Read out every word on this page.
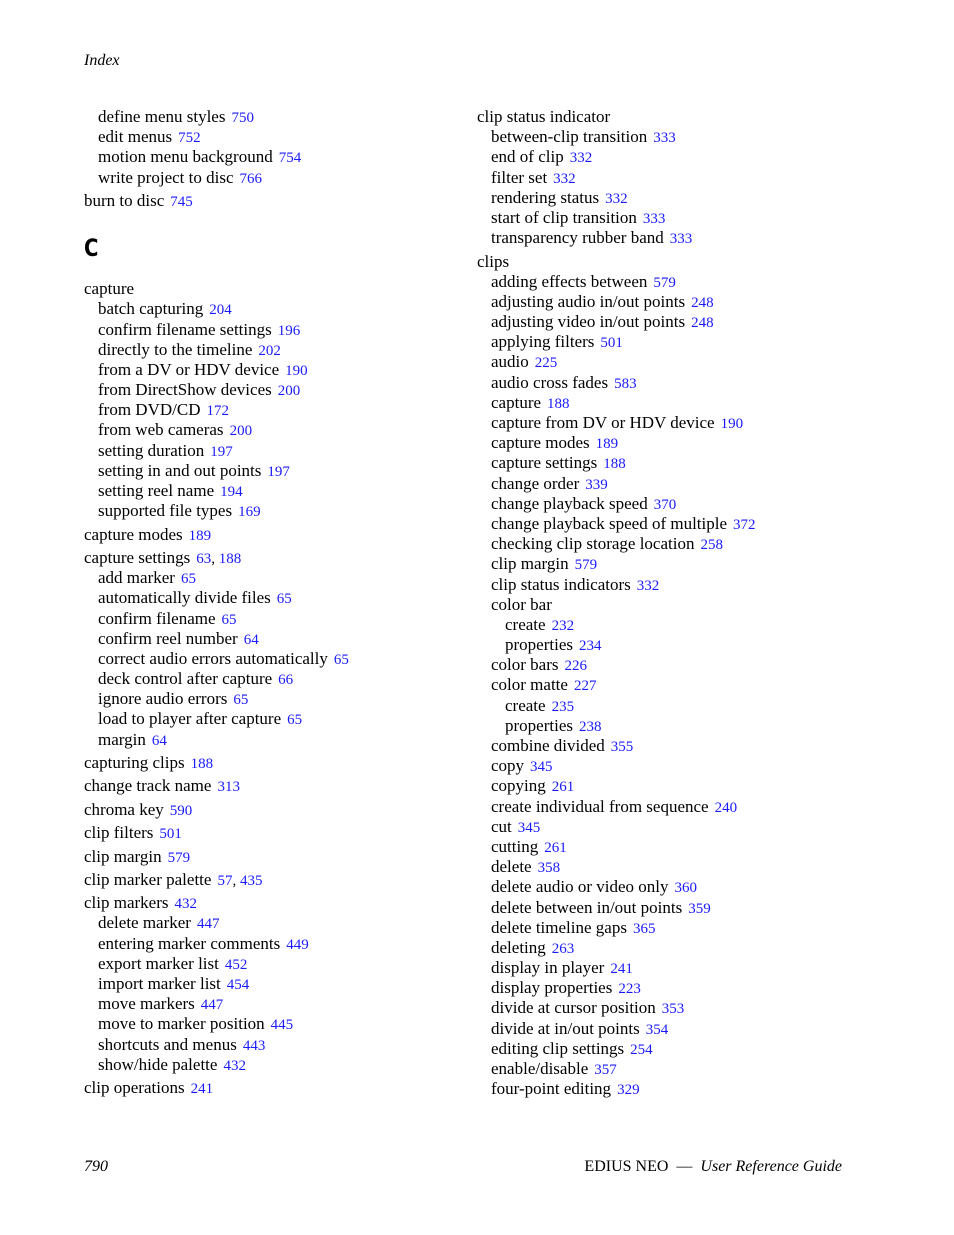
Index
define menu styles 750
edit menus 752
motion menu background 754
write project to disc 766
burn to disc 745
C
capture
batch capturing 204
confirm filename settings 196
directly to the timeline 202
from a DV or HDV device 190
from DirectShow devices 200
from DVD/CD 172
from web cameras 200
setting duration 197
setting in and out points 197
setting reel name 194
supported file types 169
capture modes 189
capture settings 63, 188
add marker 65
automatically divide files 65
confirm filename 65
confirm reel number 64
correct audio errors automatically 65
deck control after capture 66
ignore audio errors 65
load to player after capture 65
margin 64
capturing clips 188
change track name 313
chroma key 590
clip filters 501
clip margin 579
clip marker palette 57, 435
clip markers 432
delete marker 447
entering marker comments 449
export marker list 452
import marker list 454
move markers 447
move to marker position 445
shortcuts and menus 443
show/hide palette 432
clip operations 241
clip status indicator
between-clip transition 333
end of clip 332
filter set 332
rendering status 332
start of clip transition 333
transparency rubber band 333
clips
adding effects between 579
adjusting audio in/out points 248
adjusting video in/out points 248
applying filters 501
audio 225
audio cross fades 583
capture 188
capture from DV or HDV device 190
capture modes 189
capture settings 188
change order 339
change playback speed 370
change playback speed of multiple 372
checking clip storage location 258
clip margin 579
clip status indicators 332
color bar
create 232
properties 234
color bars 226
color matte 227
create 235
properties 238
combine divided 355
copy 345
copying 261
create individual from sequence 240
cut 345
cutting 261
delete 358
delete audio or video only 360
delete between in/out points 359
delete timeline gaps 365
deleting 263
display in player 241
display properties 223
divide at cursor position 353
divide at in/out points 354
editing clip settings 254
enable/disable 357
four-point editing 329
790	EDIUS NEO — User Reference Guide
